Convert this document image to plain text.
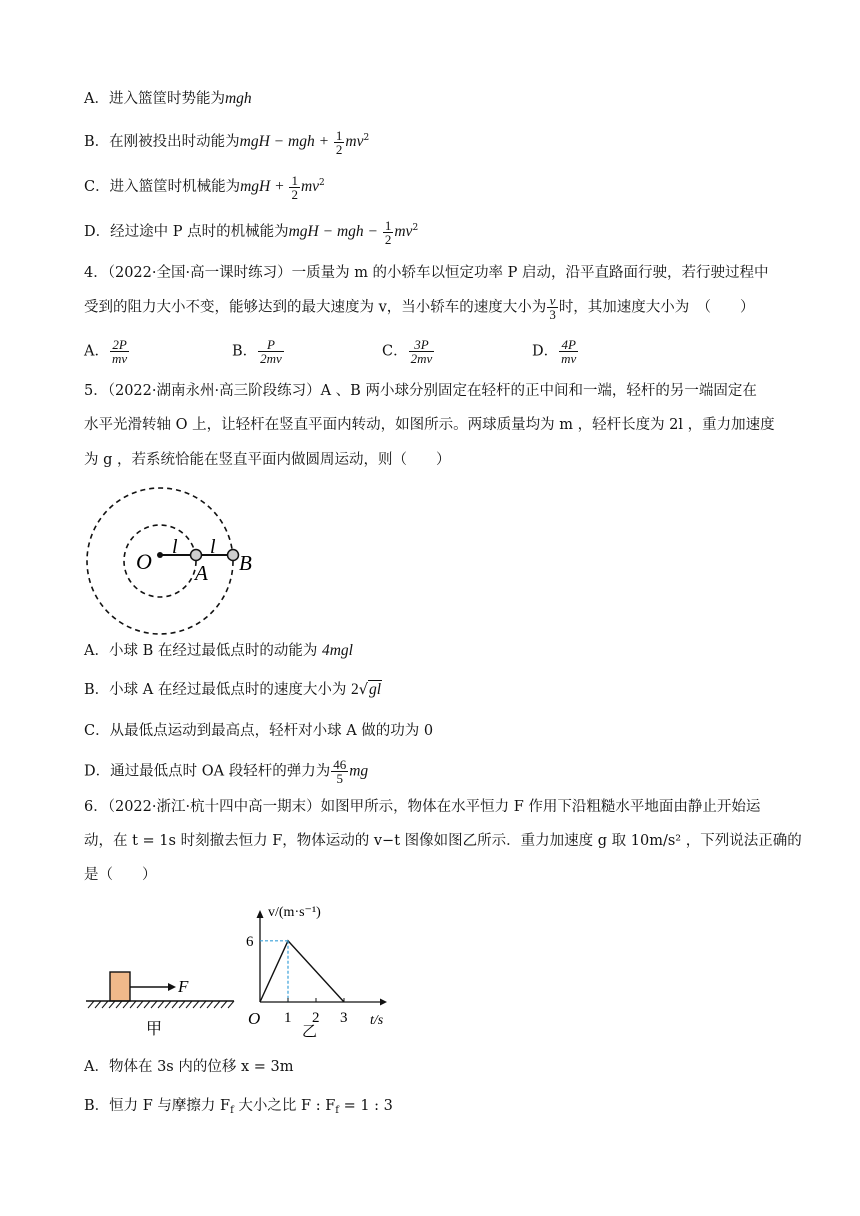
A．进入篮筐时势能为mgh
B．在刚被投出时动能为mgH − mgh + $\frac{1}{2} mv^2$
C．进入篮筐时机械能为mgH + $\frac{1}{2} mv^2$
D．经过途中 P 点时的机械能为mgH − mgh − $\frac{1}{2} mv^2$
4．（2022·全国·高一课时练习）一质量为 m 的小轿车以恒定功率 P 启动，沿平直路面行驶，若行驶过程中
受到的阻力大小不变，能够达到的最大速度为 v，当小轿车的速度大小为 $\frac{v}{3}$ 时，其加速度大小为　（　　）
A． $\frac{2P}{mv}$	B． $\frac{P}{2mv}$	C． $\frac{3P}{2mv}$	D． $\frac{4P}{mv}$
5．（2022·湖南永州·高三阶段练习）A 、B 两小球分别固定在轻杆的正中间和一端，轻杆的另一端固定在
水平光滑转轴 O 上，让轻杆在竖直平面内转动，如图所示。两球质量均为 m ，轻杆长度为 2l ，重力加速度
为 g ，若系统恰能在竖直平面内做圆周运动，则（　　）
O
l l
A B
A．小球 B 在经过最低点时的动能为 4mgl
B．小球 A 在经过最低点时的速度大小为 2√gl
C．从最低点运动到最高点，轻杆对小球 A 做的功为 0
D．通过最低点时 OA 段轻杆的弹力为 $\frac{46}{5}$ mg
6．（2022·浙江·杭十四中高一期末）如图甲所示，物体在水平恒力 F 作用下沿粗糙水平地面由静止开始运
动，在 t = 1s 时刻撤去恒力 F，物体运动的 v−t 图像如图乙所示．重力加速度 g 取 10m/s² ，下列说法正确的
是（　　）
F
甲
v/(m·s⁻¹)
t/s
O 1 2 3
6
乙
A．物体在 3s 内的位移 x = 3m
B．恒力 F 与摩擦力 $F_f$ 大小之比 F : $F_f = 1$ : 3
